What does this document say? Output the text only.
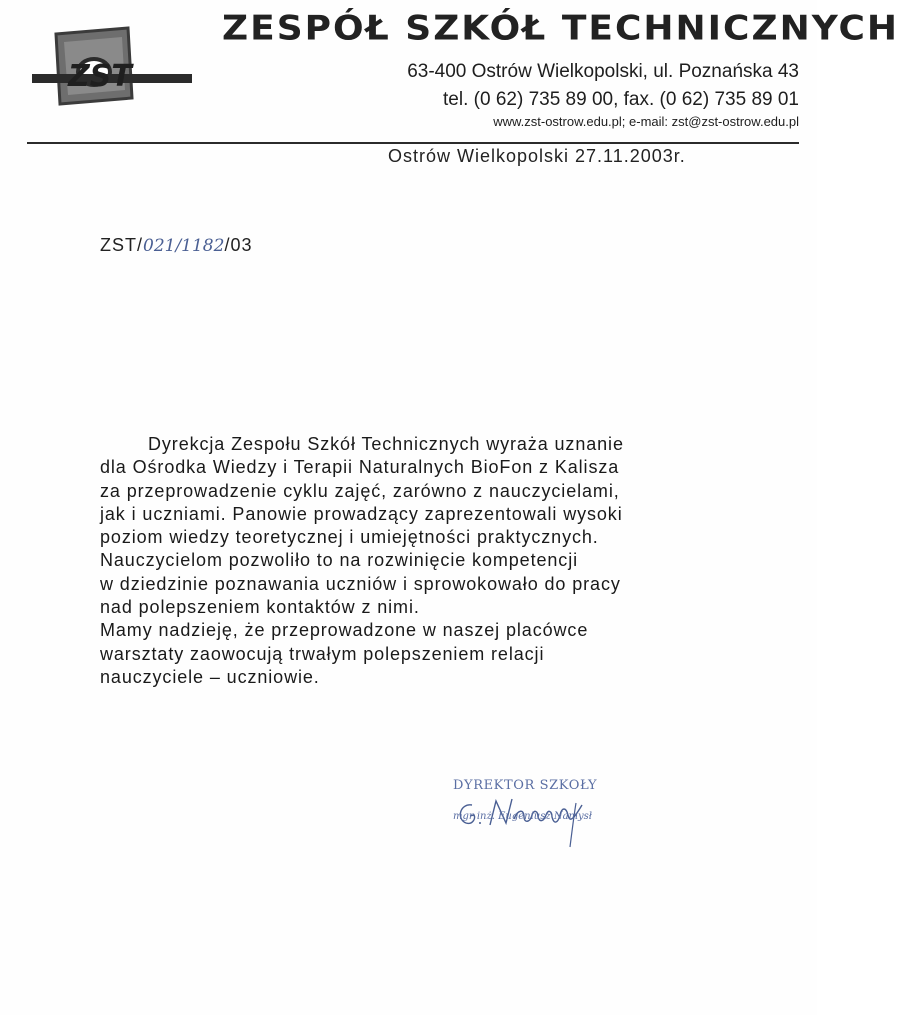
ZST
ZESPÓŁ SZKÓŁ TECHNICZNYCH
63-400 Ostrów Wielkopolski, ul. Poznańska 43
tel. (0 62) 735 89 00, fax. (0 62) 735 89 01
www.zst-ostrow.edu.pl; e-mail: zst@zst-ostrow.edu.pl
Ostrów Wielkopolski 27.11.2003r.
ZST/021/1182/03
Dyrekcja Zespołu Szkół Technicznych wyraża uznanie
dla Ośrodka Wiedzy i Terapii Naturalnych BioFon z Kalisza
za przeprowadzenie cyklu zajęć, zarówno z nauczycielami,
jak i uczniami. Panowie prowadzący zaprezentowali wysoki
poziom wiedzy teoretycznej i umiejętności praktycznych.
Nauczycielom pozwoliło to na rozwinięcie kompetencji
w dziedzinie poznawania uczniów i sprowokowało do pracy
nad polepszeniem kontaktów z nimi.
Mamy nadzieję, że przeprowadzone w naszej placówce
warsztaty zaowocują trwałym polepszeniem relacji
nauczyciele – uczniowie.
DYREKTOR SZKOŁY
mgr inż. Eugeniusz Namysł
